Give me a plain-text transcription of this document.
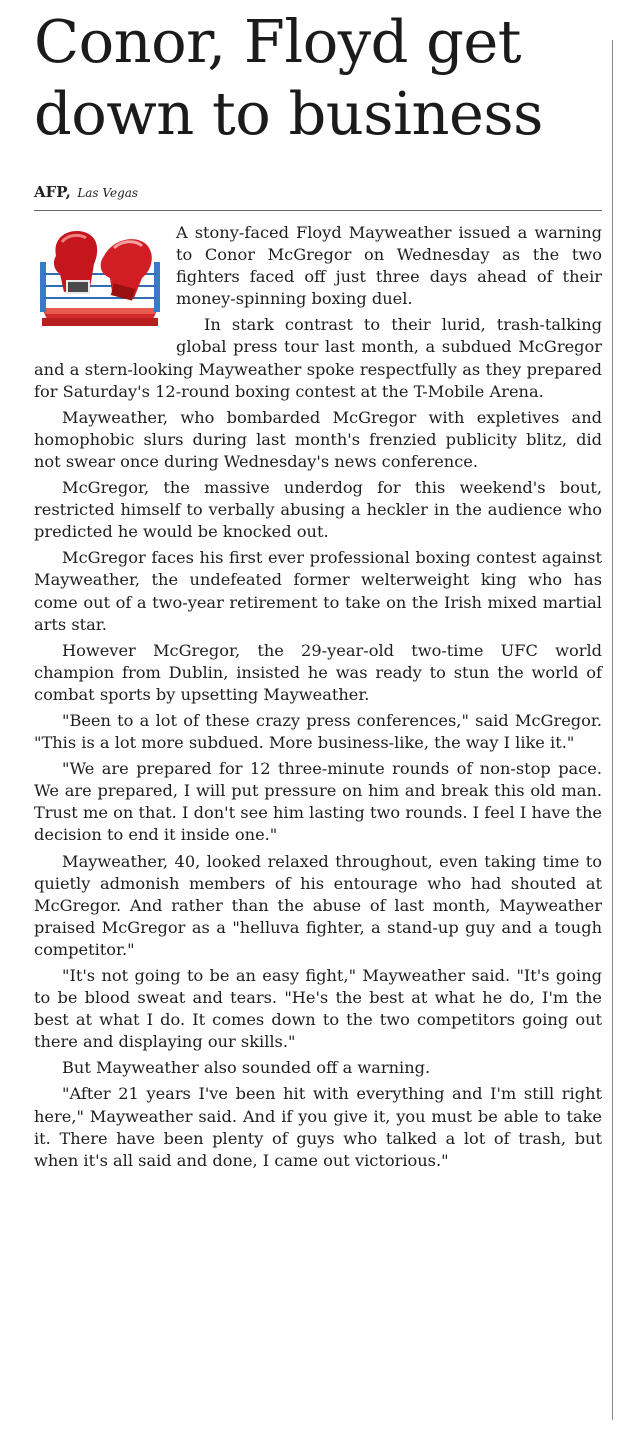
Conor, Floyd get down to business
AFP, Las Vegas

A stony-faced Floyd Mayweather issued a warning to Conor McGregor on Wednesday as the two fighters faced off just three days ahead of their money-spinning boxing duel.

In stark contrast to their lurid, trash-talking global press tour last month, a subdued McGregor and a stern-looking Mayweather spoke respectfully as they prepared for Saturday's 12-round boxing contest at the T-Mobile Arena.

Mayweather, who bombarded McGregor with expletives and homophobic slurs during last month's frenzied publicity blitz, did not swear once during Wednesday's news conference.

McGregor, the massive underdog for this weekend's bout, restricted himself to verbally abusing a heckler in the audience who predicted he would be knocked out.

McGregor faces his first ever professional boxing contest against Mayweather, the undefeated former welterweight king who has come out of a two-year retirement to take on the Irish mixed martial arts star.

However McGregor, the 29-year-old two-time UFC world champion from Dublin, insisted he was ready to stun the world of combat sports by upsetting Mayweather.

"Been to a lot of these crazy press conferences," said McGregor. "This is a lot more subdued. More business-like, the way I like it."

"We are prepared for 12 three-minute rounds of non-stop pace. We are prepared, I will put pressure on him and break this old man. Trust me on that. I don't see him lasting two rounds. I feel I have the decision to end it inside one."

Mayweather, 40, looked relaxed throughout, even taking time to quietly admonish members of his entourage who had shouted at McGregor. And rather than the abuse of last month, Mayweather praised McGregor as a "helluva fighter, a stand-up guy and a tough competitor."

"It's not going to be an easy fight," Mayweather said. "It's going to be blood sweat and tears. "He's the best at what he do, I'm the best at what I do. It comes down to the two competitors going out there and displaying our skills."

But Mayweather also sounded off a warning.

"After 21 years I've been hit with everything and I'm still right here," Mayweather said. And if you give it, you must be able to take it. There have been plenty of guys who talked a lot of trash, but when it's all said and done, I came out victorious."
